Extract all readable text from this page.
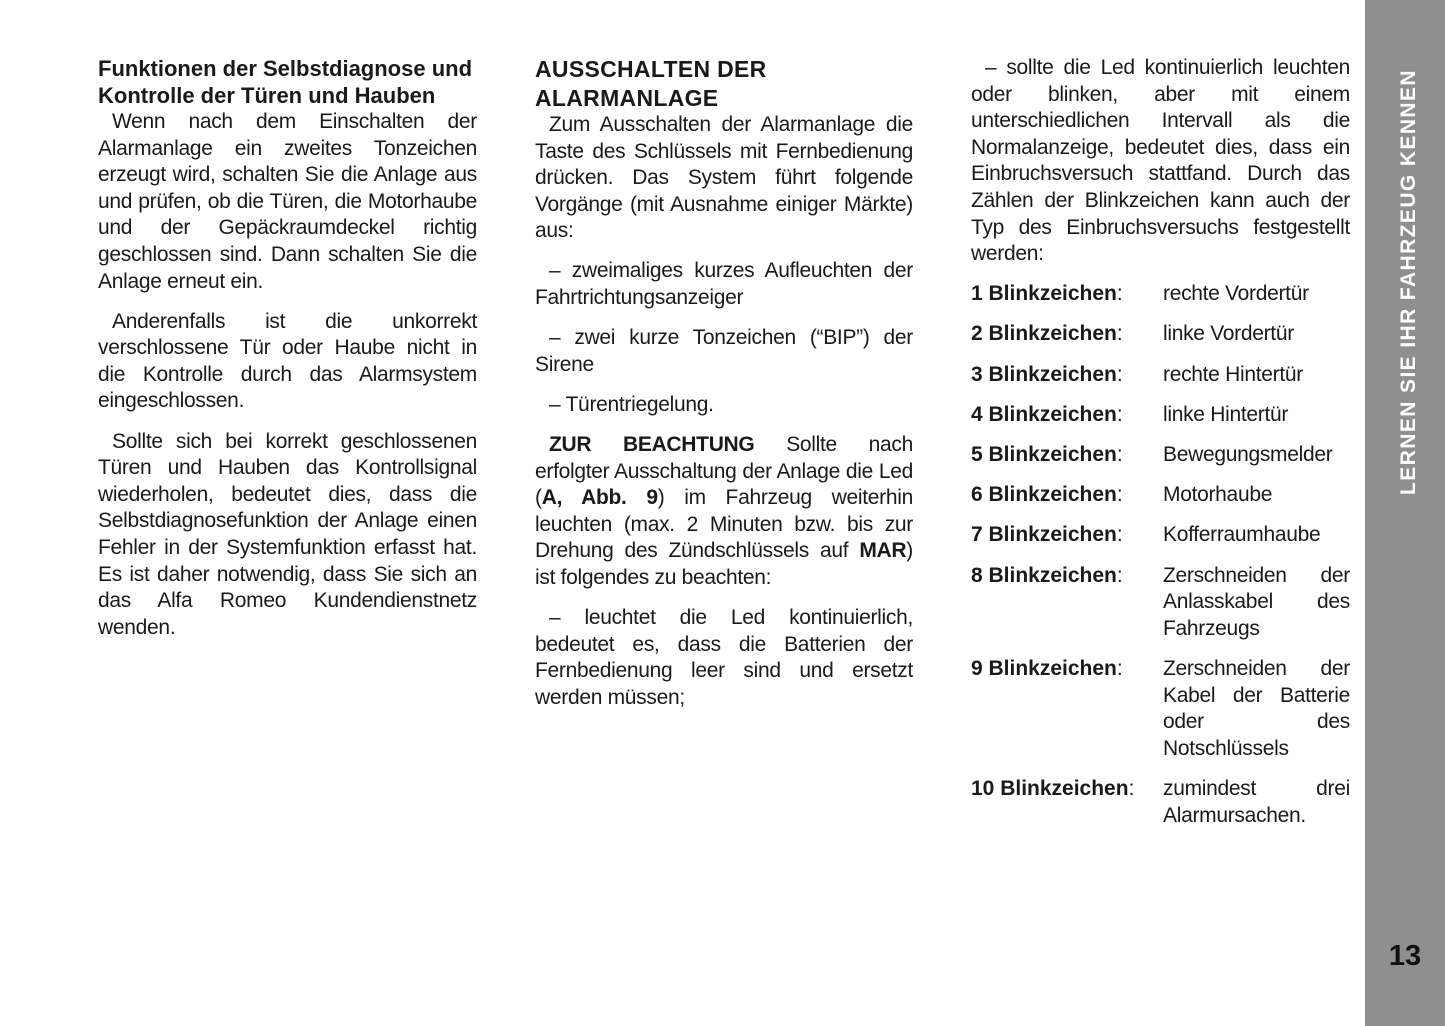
Funktionen der Selbstdiagnose und Kontrolle der Türen und Hauben

Wenn nach dem Einschalten der Alarmanlage ein zweites Tonzeichen erzeugt wird, schalten Sie die Anlage aus und prüfen, ob die Türen, die Motorhaube und der Gepäckraumdeckel richtig geschlossen sind. Dann schalten Sie die Anlage erneut ein.

Anderenfalls ist die unkorrekt verschlossene Tür oder Haube nicht in die Kontrolle durch das Alarmsystem eingeschlossen.

Sollte sich bei korrekt geschlossenen Türen und Hauben das Kontrollsignal wiederholen, bedeutet dies, dass die Selbstdiagnosefunktion der Anlage einen Fehler in der Systemfunktion erfasst hat. Es ist daher notwendig, dass Sie sich an das Alfa Romeo Kundendienstnetz wenden.

AUSSCHALTEN DER ALARMANLAGE

Zum Ausschalten der Alarmanlage die Taste des Schlüssels mit Fernbedienung drücken. Das System führt folgende Vorgänge (mit Ausnahme einiger Märkte) aus:

– zweimaliges kurzes Aufleuchten der Fahrtrichtungsanzeiger

– zwei kurze Tonzeichen (“BIP”) der Sirene

– Türentriegelung.

ZUR BEACHTUNG Sollte nach erfolgter Ausschaltung der Anlage die Led (A, Abb. 9) im Fahrzeug weiterhin leuchten (max. 2 Minuten bzw. bis zur Drehung des Zündschlüssels auf MAR) ist folgendes zu beachten:

– leuchtet die Led kontinuierlich, bedeutet es, dass die Batterien der Fernbedienung leer sind und ersetzt werden müssen;

– sollte die Led kontinuierlich leuchten oder blinken, aber mit einem unterschiedlichen Intervall als die Normalanzeige, bedeutet dies, dass ein Einbruchsversuch stattfand. Durch das Zählen der Blinkzeichen kann auch der Typ des Einbruchsversuchs festgestellt werden:

1 Blinkzeichen:	rechte Vordertür
2 Blinkzeichen:	linke Vordertür
3 Blinkzeichen:	rechte Hintertür
4 Blinkzeichen:	linke Hintertür
5 Blinkzeichen:	Bewegungsmelder
6 Blinkzeichen:	Motorhaube
7 Blinkzeichen:	Kofferraumhaube
8 Blinkzeichen:	Zerschneiden der Anlasskabel des Fahrzeugs
9 Blinkzeichen:	Zerschneiden der Kabel der Batterie oder des Notschlüssels
10 Blinkzeichen:	zumindest drei Alarmursachen.
LERNEN SIE IHR FAHRZEUG KENNEN
13
